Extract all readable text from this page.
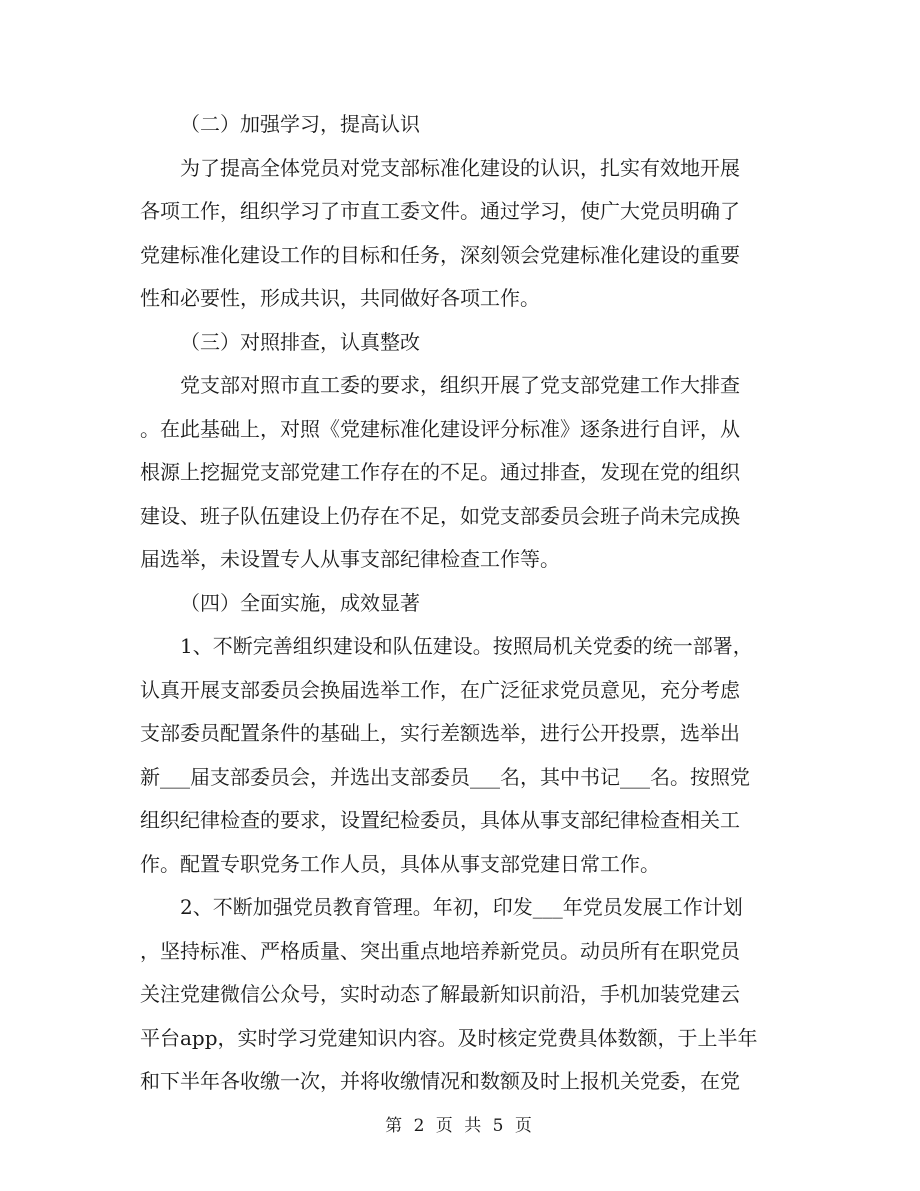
（二）加强学习，提高认识
为了提高全体党员对党支部标准化建设的认识，扎实有效地开展
各项工作，组织学习了市直工委文件。通过学习，使广大党员明确了
党建标准化建设工作的目标和任务，深刻领会党建标准化建设的重要
性和必要性，形成共识，共同做好各项工作。
（三）对照排查，认真整改
党支部对照市直工委的要求，组织开展了党支部党建工作大排查
。在此基础上，对照《党建标准化建设评分标准》逐条进行自评，从
根源上挖掘党支部党建工作存在的不足。通过排查，发现在党的组织
建设、班子队伍建设上仍存在不足，如党支部委员会班子尚未完成换
届选举，未设置专人从事支部纪律检查工作等。
（四）全面实施，成效显著
1、不断完善组织建设和队伍建设。按照局机关党委的统一部署，
认真开展支部委员会换届选举工作，在广泛征求党员意见，充分考虑
支部委员配置条件的基础上，实行差额选举，进行公开投票，选举出
新___届支部委员会，并选出支部委员___名，其中书记___名。按照党
组织纪律检查的要求，设置纪检委员，具体从事支部纪律检查相关工
作。配置专职党务工作人员，具体从事支部党建日常工作。
2、不断加强党员教育管理。年初，印发___年党员发展工作计划
，坚持标准、严格质量、突出重点地培养新党员。动员所有在职党员
关注党建微信公众号，实时动态了解最新知识前沿，手机加装党建云
平台app，实时学习党建知识内容。及时核定党费具体数额，于上半年
和下半年各收缴一次，并将收缴情况和数额及时上报机关党委，在党
第 2 页 共 5 页
